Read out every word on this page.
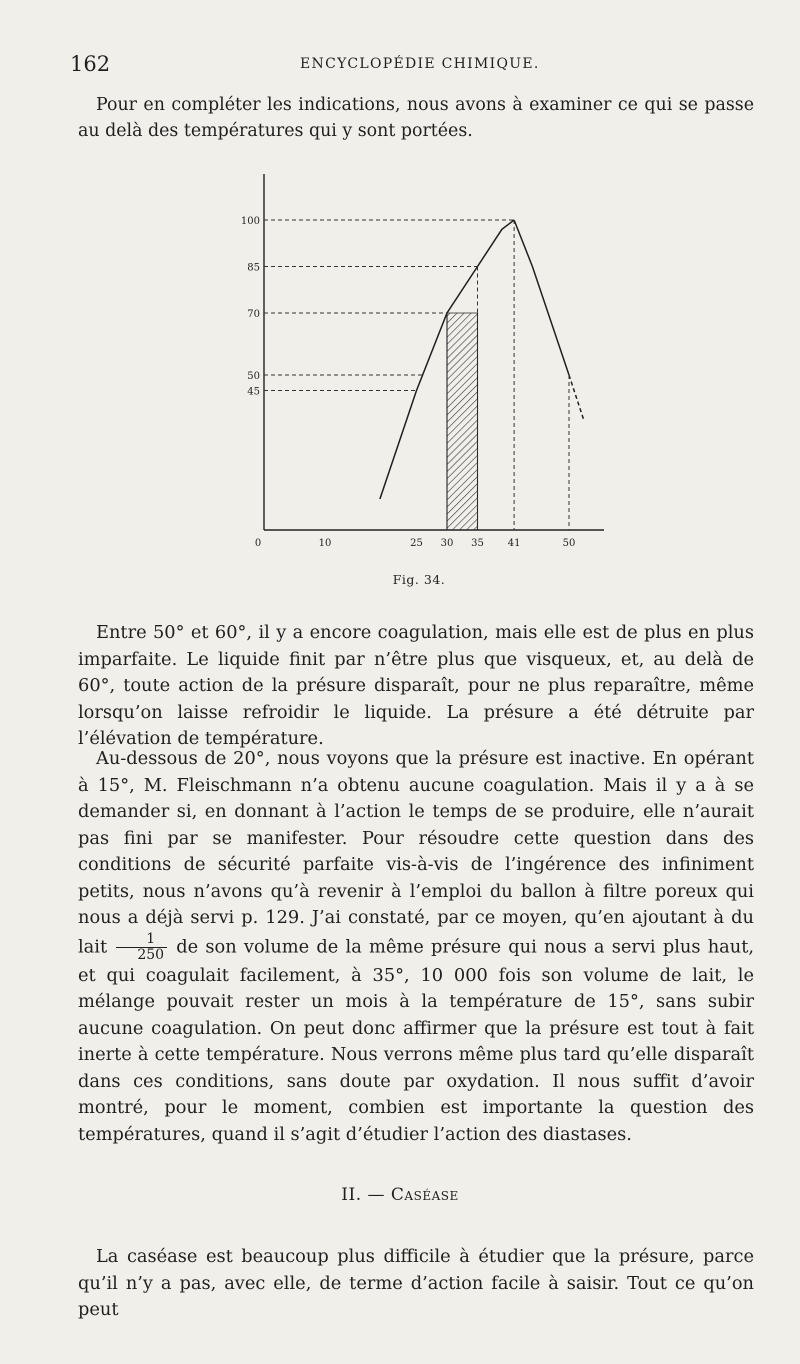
162	ENCYCLOPÉDIE CHIMIQUE.

Pour en compléter les indications, nous avons à examiner ce qui se passe au delà des températures qui y sont portées.

100
85
70
50
45
0	10	25 30 35 41	50
Fig. 34.

Entre 50° et 60°, il y a encore coagulation, mais elle est de plus en plus imparfaite. Le liquide finit par n’être plus que visqueux, et, au delà de 60°, toute action de la présure disparaît, pour ne plus reparaître, même lorsqu’on laisse refroidir le liquide. La présure a été détruite par l’élévation de température.

Au-dessous de 20°, nous voyons que la présure est inactive. En opérant à 15°, M. Fleischmann n’a obtenu aucune coagulation. Mais il y a à se demander si, en donnant à l’action le temps de se produire, elle n’aurait pas fini par se manifester. Pour résoudre cette question dans des conditions de sécurité parfaite vis-à-vis de l’ingérence des infiniment petits, nous n’avons qu’à revenir à l’emploi du ballon à filtre poreux qui nous a déjà servi p. 129. J’ai constaté, par ce moyen, qu’en ajoutant à du lait $\frac{1}{250}$ de son volume de la même présure qui nous a servi plus haut, et qui coagulait facilement, à 35°, 10 000 fois son volume de lait, le mélange pouvait rester un mois à la température de 15°, sans subir aucune coagulation. On peut donc affirmer que la présure est tout à fait inerte à cette température. Nous verrons même plus tard qu’elle disparaît dans ces conditions, sans doute par oxydation. Il nous suffit d’avoir montré, pour le moment, combien est importante la question des températures, quand il s’agit d’étudier l’action des diastases.

II. — Caséase

La caséase est beaucoup plus difficile à étudier que la présure, parce qu’il n’y a pas, avec elle, de terme d’action facile à saisir. Tout ce qu’on peut
